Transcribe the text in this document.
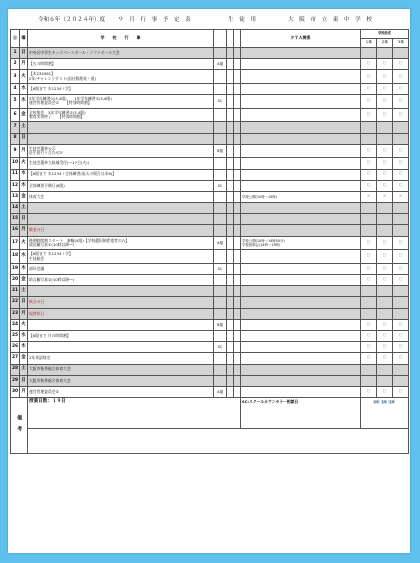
令和６年（２０２４年）度 ９　月　行　事　予　定　表	生　徒　用	大　阪　市　立　東　中　学　校
日	曜	学　　校　　行　　事				ＰＴＡ関係	学校給食		
							１年	２年	３年
1	日	中央区中学生キッズベースボール・ソフトボール大会							
2	月	【火の時間割】	A週				○	○	○
3	火	【木234561】
2年:チャレンジテスト(国社数理英・道)					○	○	○
4	水	【6限まで 水1234＋学】					○	○	○
5	木	3年学年練習①(3,4限)　　1年学年練習①(5,6限)
運営管理委員会① 【特別時間割】	SC				○	○	○
6	金	全校集会　3年学年練習②(3,4限)
教育実習終了 【特別時間割】					○	○	○
7	土								
8	日								
9	月	生徒会選挙公示
医生徒行う合わせ②	B週				○	○	○
10	火	生徒会選挙立候補受付(～17日(火))					○	○	○
11	水	【6限まで 水1234＋全体練習(雨天の場合は木6)】					○	○	○
12	木	全体練習予備日(6限)	SC				○	○	○
13	金	体育大会				学校公開(10時～15時)	×	×	×
14	土								
15	日								
16	月	敬老の日							
17	火	後期時間割スタート　参観(5限)【学校選択制希望者のみ】
放送顧写真①(10時以降～)	A週			学校公開(10時〜14時50分)
学校説明会(14時～15時)	○	○	○
18	水	【6限まで 水1234＋学】
生徒総会					○	○	○
19	木	部長会議	SC				○	○	○
20	金	助言顧写真②(10時以降～)					○	○	○
21	土								
22	日	秋分の日							
23	月	振替休日							
24	火		B週				○	○	○
25	水	【6限まで 月の時間割】					○	○	○
26	木		SC				○	○	○
27	金	2年英語検定					○	○	○
28	土	大阪市秋季総合体育大会							
29	日	大阪市秋季総合体育大会							
30	月	運営管理委員会②	A週				○	○	○
備考		授業日数：１９日				SC:スクールカウンセラー相談日	19 19 19		
